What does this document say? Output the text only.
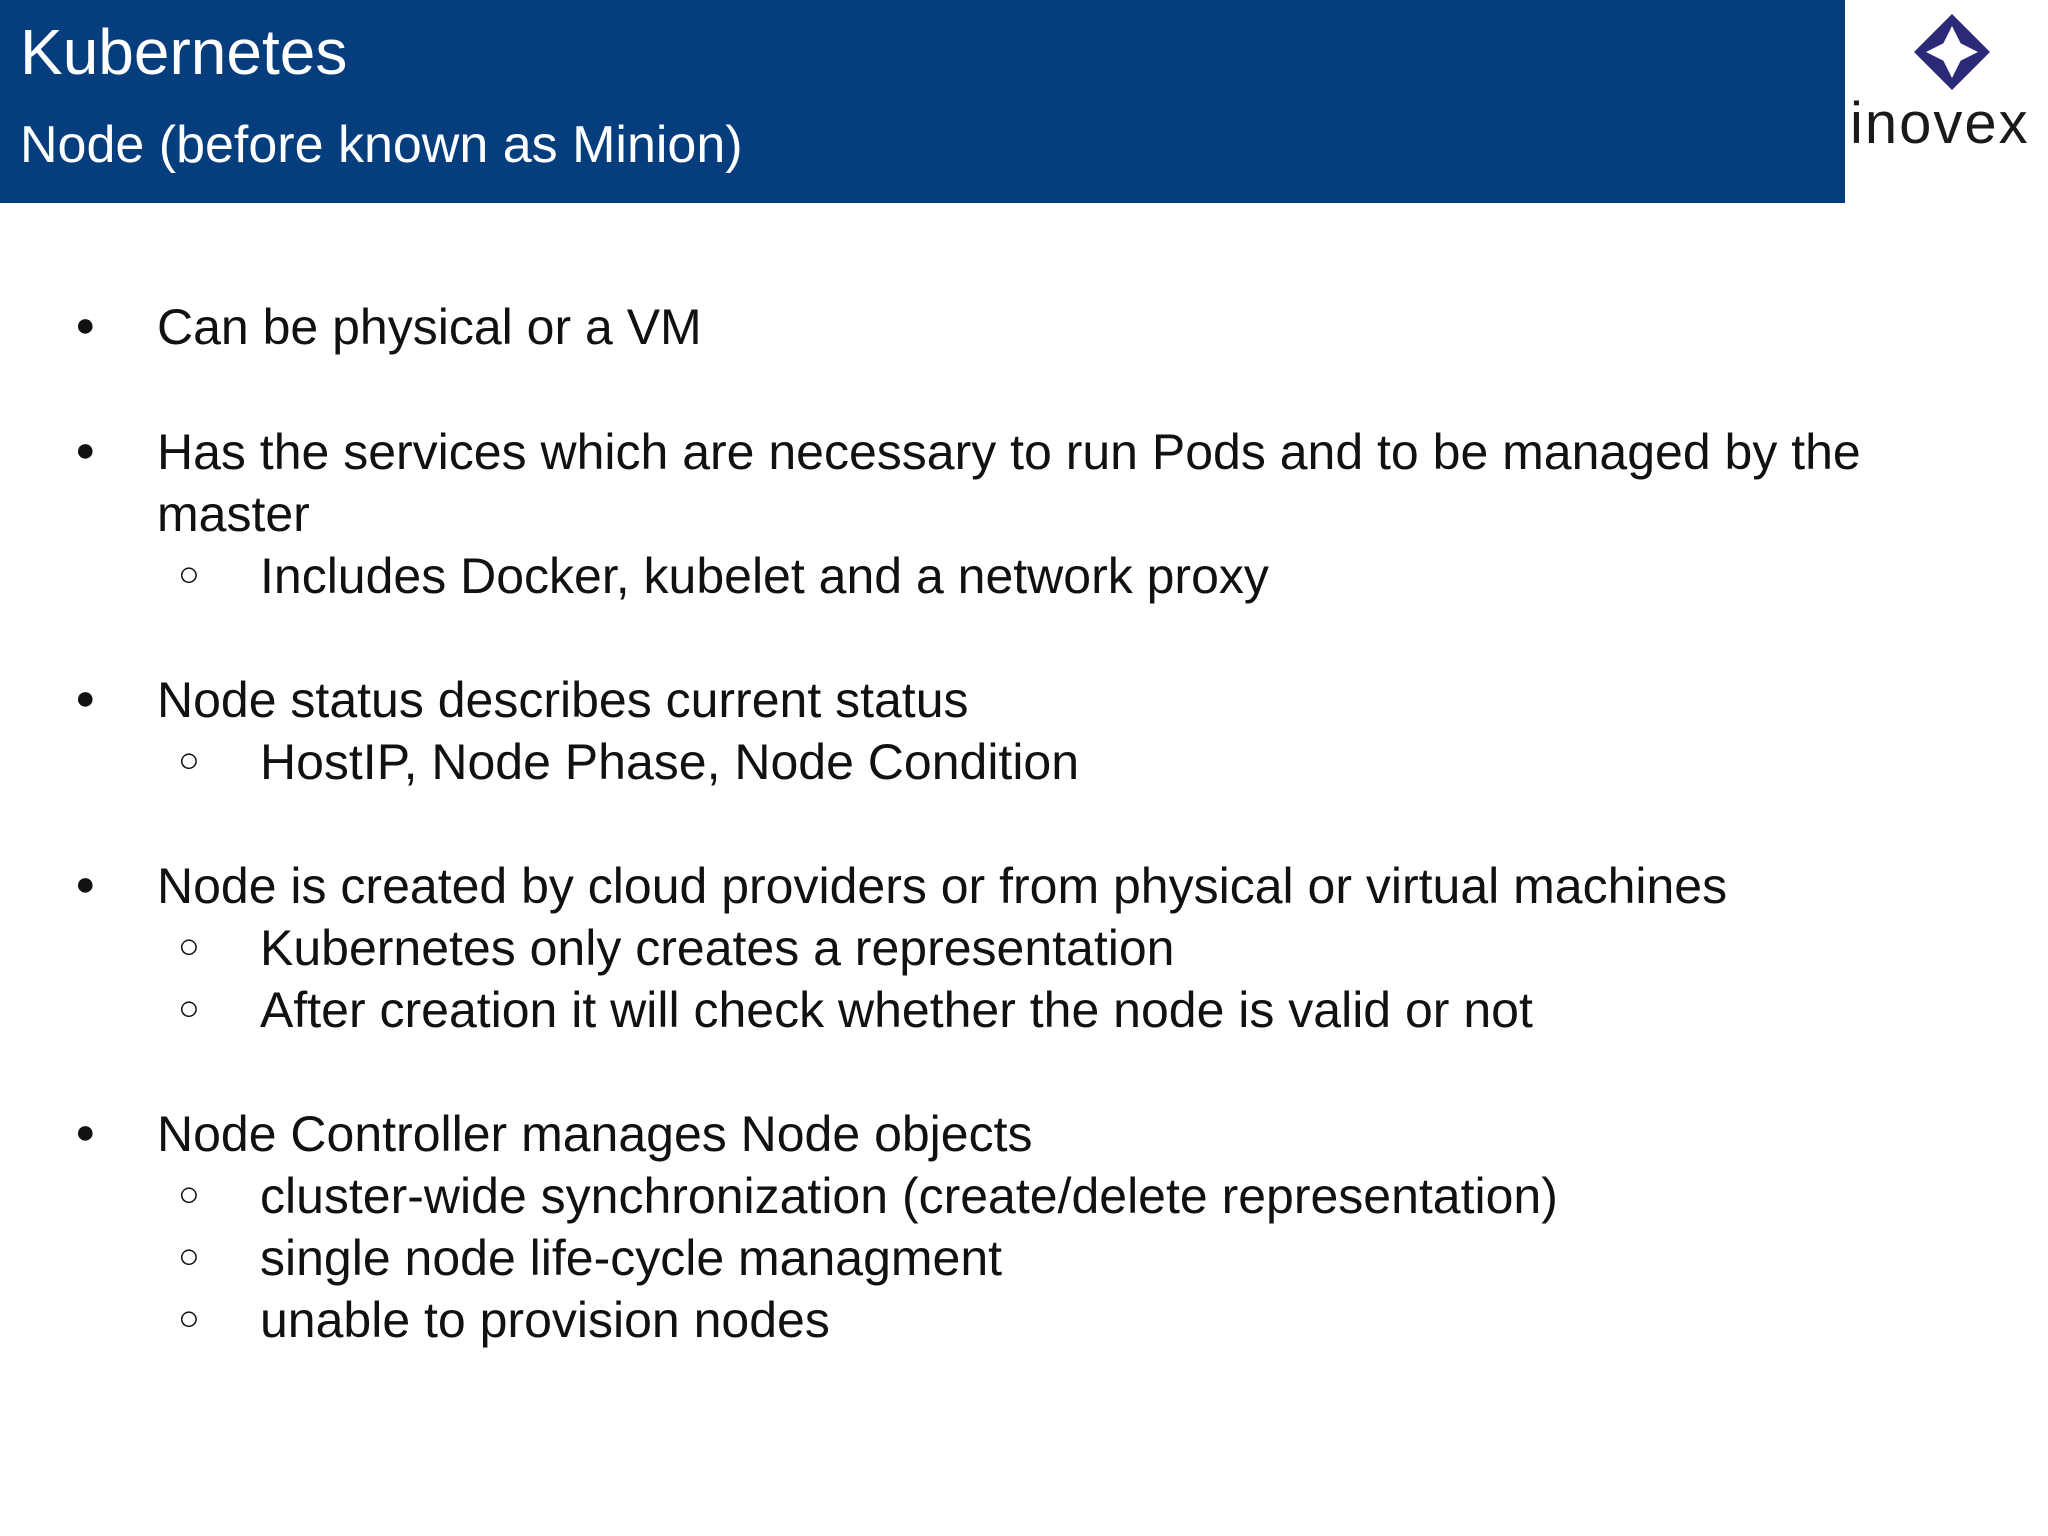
Kubernetes
Node (before known as Minion)	inovex
● Can be physical or a VM
● Has the services which are necessary to run Pods and to be managed by the master
○ Includes Docker, kubelet and a network proxy
● Node status describes current status
○ HostIP, Node Phase, Node Condition
● Node is created by cloud providers or from physical or virtual machines
○ Kubernetes only creates a representation
○ After creation it will check whether the node is valid or not
● Node Controller manages Node objects
○ cluster-wide synchronization (create/delete representation)
○ single node life-cycle managment
○ unable to provision nodes
